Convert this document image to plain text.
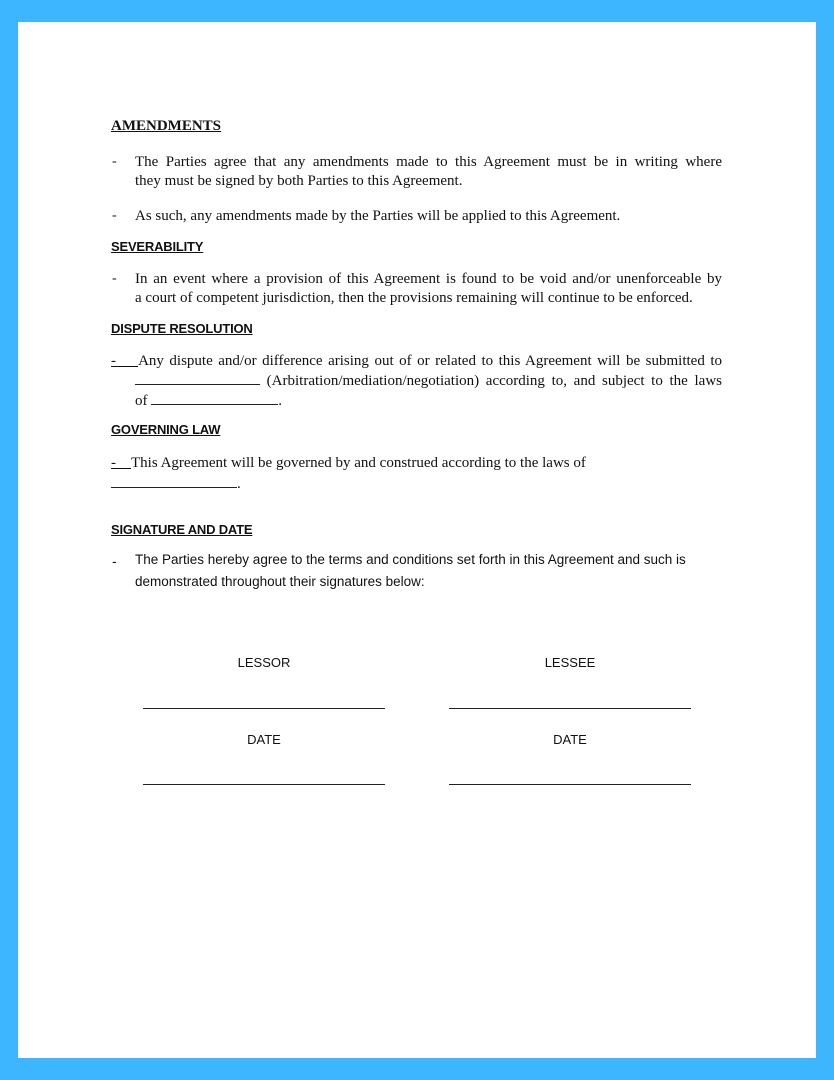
AMENDMENTS
- The Parties agree that any amendments made to this Agreement must be in writing where
they must be signed by both Parties to this Agreement.
- As such, any amendments made by the Parties will be applied to this Agreement.
SEVERABILITY
- In an event where a provision of this Agreement is found to be void and/or unenforceable by
a court of competent jurisdiction, then the provisions remaining will continue to be enforced.
DISPUTE RESOLUTION
- Any dispute and/or difference arising out of or related to this Agreement will be submitted to
(Arbitration/mediation/negotiation) according to, and subject to the laws
of	.
GOVERNING LAW
- This Agreement will be governed by and construed according to the laws of
.
SIGNATURE AND DATE
- The Parties hereby agree to the terms and conditions set forth in this Agreement and such is
demonstrated throughout their signatures below:
LESSOR	LESSEE
DATE	DATE
